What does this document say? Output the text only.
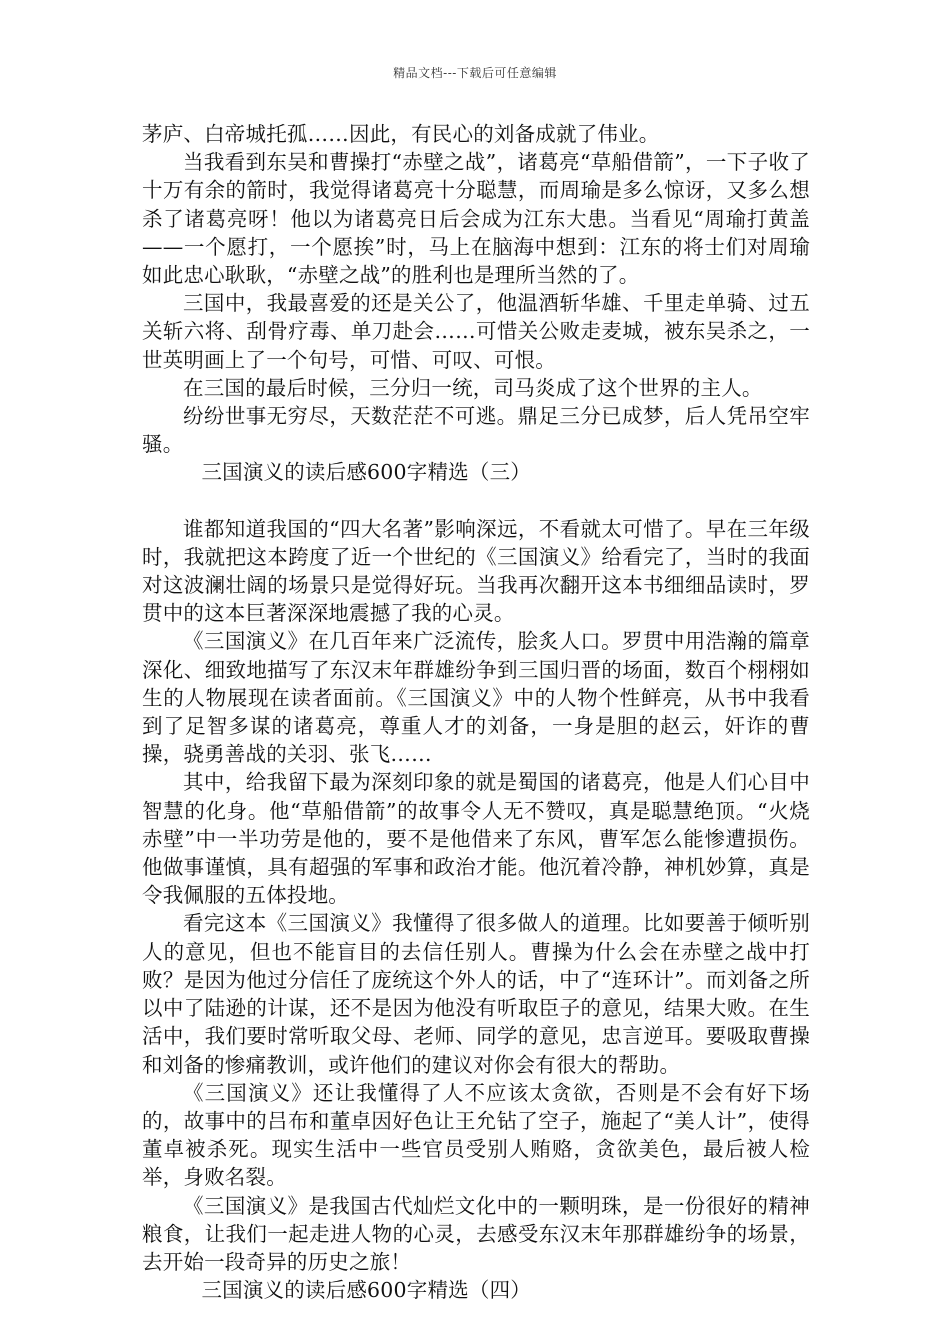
精品文档---下载后可任意编辑

茅庐、白帝城托孤……因此，有民心的刘备成就了伟业。

当我看到东吴和曹操打“赤壁之战”，诸葛亮“草船借箭”，一下子收了十万有余的箭时，我觉得诸葛亮十分聪慧，而周瑜是多么惊讶，又多么想杀了诸葛亮呀！他以为诸葛亮日后会成为江东大患。当看见“周瑜打黄盖——一个愿打，一个愿挨”时，马上在脑海中想到：江东的将士们对周瑜如此忠心耿耿，“赤壁之战”的胜利也是理所当然的了。

三国中，我最喜爱的还是关公了，他温酒斩华雄、千里走单骑、过五关斩六将、刮骨疗毒、单刀赴会……可惜关公败走麦城，被东吴杀之，一世英明画上了一个句号，可惜、可叹、可恨。

在三国的最后时候，三分归一统，司马炎成了这个世界的主人。

纷纷世事无穷尽，天数茫茫不可逃。鼎足三分已成梦，后人凭吊空牢骚。

三国演义的读后感600字精选（三）

谁都知道我国的“四大名著”影响深远，不看就太可惜了。早在三年级时，我就把这本跨度了近一个世纪的《三国演义》给看完了，当时的我面对这波澜壮阔的场景只是觉得好玩。当我再次翻开这本书细细品读时，罗贯中的这本巨著深深地震撼了我的心灵。

《三国演义》在几百年来广泛流传，脍炙人口。罗贯中用浩瀚的篇章深化、细致地描写了东汉末年群雄纷争到三国归晋的场面，数百个栩栩如生的人物展现在读者面前。《三国演义》中的人物个性鲜亮，从书中我看到了足智多谋的诸葛亮，尊重人才的刘备，一身是胆的赵云，奸诈的曹操，骁勇善战的关羽、张飞……

其中，给我留下最为深刻印象的就是蜀国的诸葛亮，他是人们心目中智慧的化身。他“草船借箭”的故事令人无不赞叹，真是聪慧绝顶。“火烧赤壁”中一半功劳是他的，要不是他借来了东风，曹军怎么能惨遭损伤。他做事谨慎，具有超强的军事和政治才能。他沉着冷静，神机妙算，真是令我佩服的五体投地。

看完这本《三国演义》我懂得了很多做人的道理。比如要善于倾听别人的意见，但也不能盲目的去信任别人。曹操为什么会在赤壁之战中打败？是因为他过分信任了庞统这个外人的话，中了“连环计”。而刘备之所以中了陆逊的计谋，还不是因为他没有听取臣子的意见，结果大败。在生活中，我们要时常听取父母、老师、同学的意见，忠言逆耳。要吸取曹操和刘备的惨痛教训，或许他们的建议对你会有很大的帮助。

《三国演义》还让我懂得了人不应该太贪欲，否则是不会有好下场的，故事中的吕布和董卓因好色让王允钻了空子，施起了“美人计”，使得董卓被杀死。现实生活中一些官员受别人贿赂，贪欲美色，最后被人检举，身败名裂。

《三国演义》是我国古代灿烂文化中的一颗明珠，是一份很好的精神粮食，让我们一起走进人物的心灵，去感受东汉末年那群雄纷争的场景，去开始一段奇异的历史之旅！

三国演义的读后感600字精选（四）
